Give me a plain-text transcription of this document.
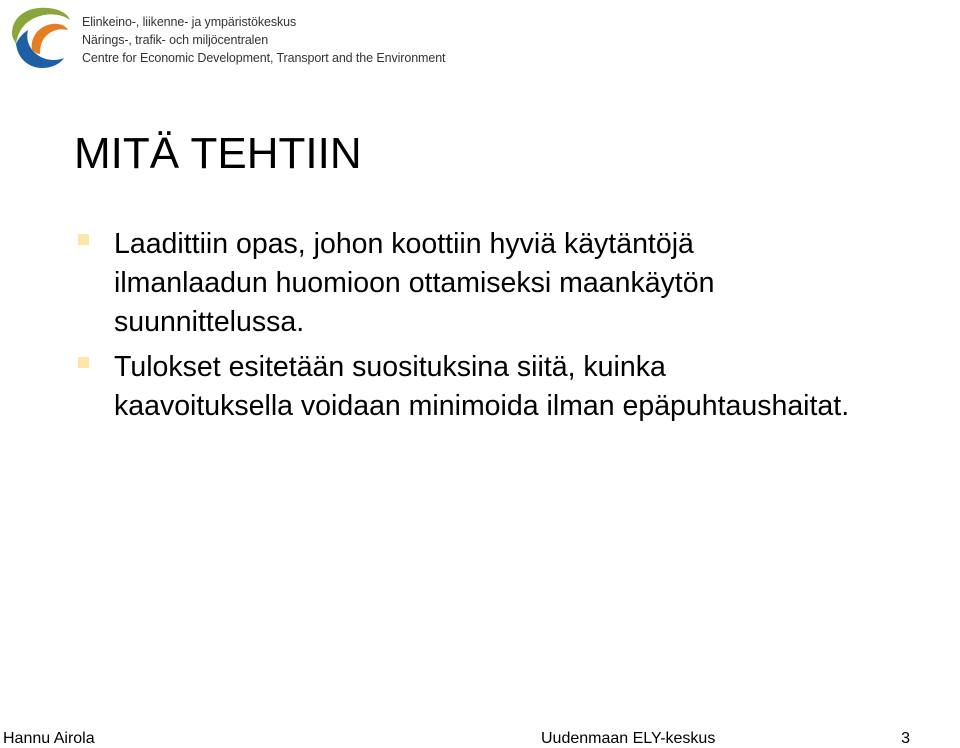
Elinkeino-, liikenne- ja ympäristökeskus
Närings-, trafik- och miljöcentralen
Centre for Economic Development, Transport and the Environment
MITÄ TEHTIIN
Laadittiin opas, johon koottiin hyviä käytäntöjä
ilmanlaadun huomioon ottamiseksi maankäytön
suunnittelussa.
Tulokset esitetään suosituksina siitä, kuinka
kaavoituksella voidaan minimoida ilman epäpuhtaushaitat.
Hannu Airola	Uudenmaan ELY-keskus	3
